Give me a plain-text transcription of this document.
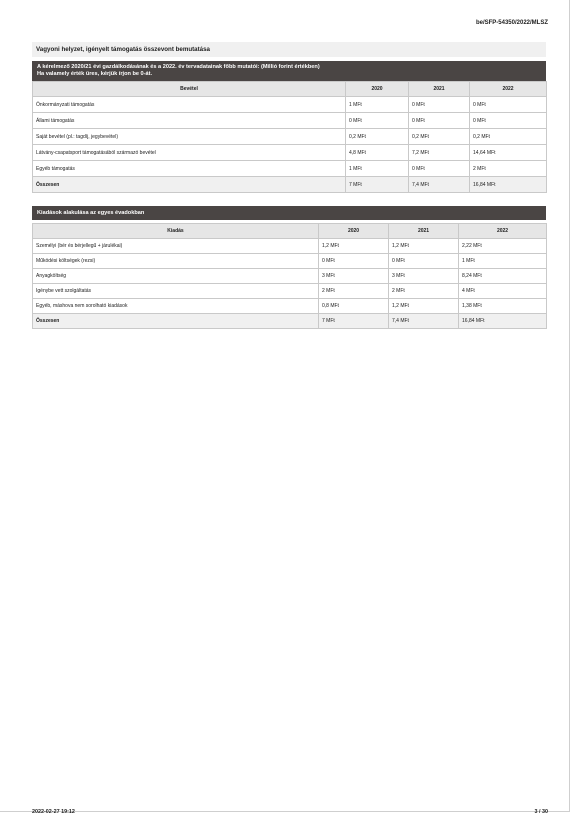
be/SFP-54350/2022/MLSZ
Vagyoni helyzet, igényelt támogatás összevont bemutatása
A kérelmező 2020/21 évi gazdálkodásának és a 2022. év tervadatainak főbb mutatói: (Millió forint értékben)
Ha valamely érték üres, kérjük írjon be 0-át.
Bevétel	2020	2021	2022
Önkormányzati támogatás	1 MFt	0 MFt	0 MFt
Állami támogatás	0 MFt	0 MFt	0 MFt
Saját bevétel (pl.: tagdíj, jegybevétel)	0,2 MFt	0,2 MFt	0,2 MFt
Látvány-csapatsport támogatásából származó bevétel	4,8 MFt	7,2 MFt	14,64 MFt
Egyéb támogatás	1 MFt	0 MFt	2 MFt
Összesen	7 MFt	7,4 MFt	16,84 MFt
Kiadások alakulása az egyes évadokban
Kiadás	2020	2021	2022
Személyi (bér és bérjellegű + járulékai)	1,2 MFt	1,2 MFt	2,22 MFt
Működési költségek (rezsi)	0 MFt	0 MFt	1 MFt
Anyagköltség	3 MFt	3 MFt	8,24 MFt
Igénybe vett szolgáltatás	2 MFt	2 MFt	4 MFt
Egyéb, máshova nem sorolható kiadások	0,8 MFt	1,2 MFt	1,38 MFt
Összesen	7 MFt	7,4 MFt	16,84 MFt
2022-02-27 19:12	3 / 30
